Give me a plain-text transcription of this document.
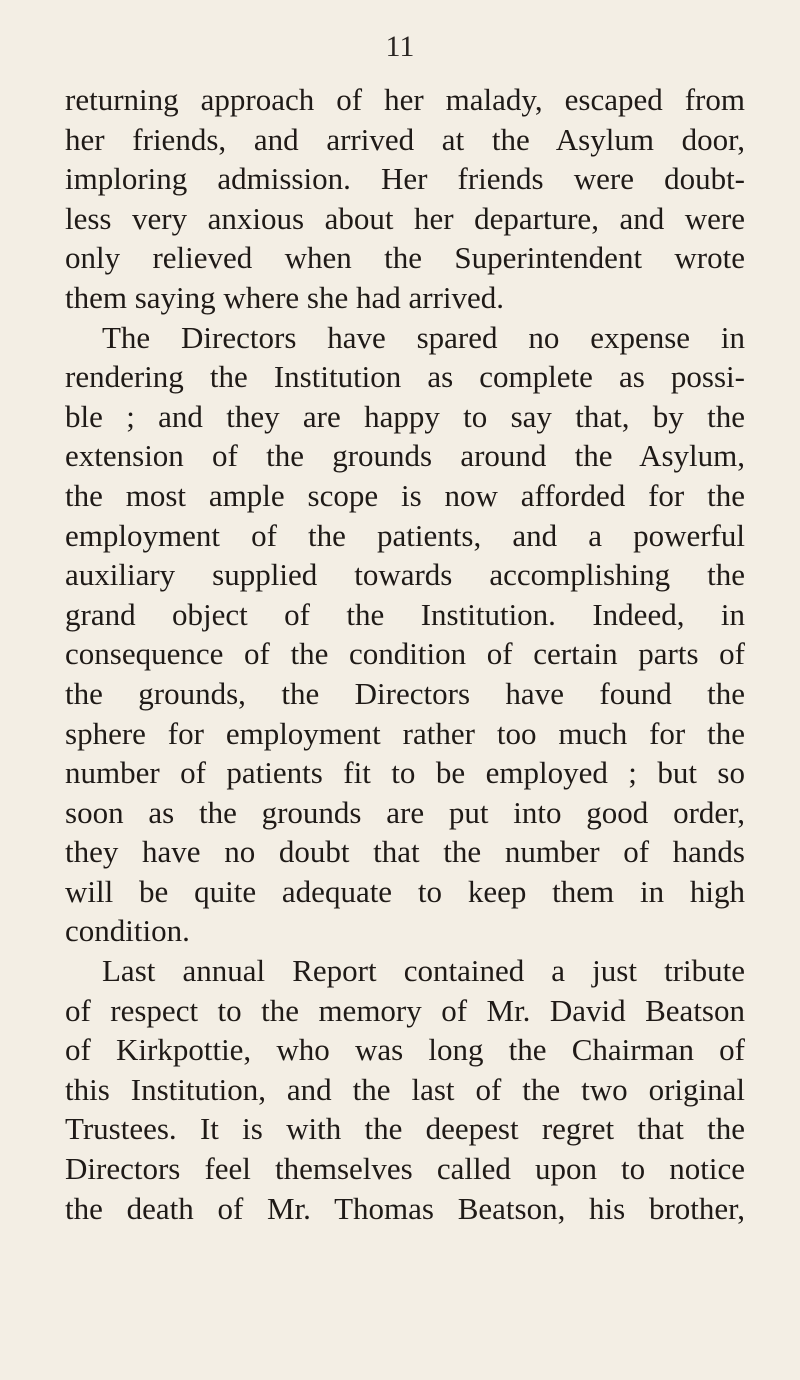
11
returning approach of her malady, escaped from
her friends, and arrived at the Asylum door,
imploring admission. Her friends were doubt-
less very anxious about her departure, and were
only relieved when the Superintendent wrote
them saying where she had arrived.
The Directors have spared no expense in
rendering the Institution as complete as possi-
ble ; and they are happy to say that, by the
extension of the grounds around the Asylum,
the most ample scope is now afforded for the
employment of the patients, and a powerful
auxiliary supplied towards accomplishing the
grand object of the Institution. Indeed, in
consequence of the condition of certain parts of
the grounds, the Directors have found the
sphere for employment rather too much for the
number of patients fit to be employed ; but so
soon as the grounds are put into good order,
they have no doubt that the number of hands
will be quite adequate to keep them in high
condition.
Last annual Report contained a just tribute
of respect to the memory of Mr. David Beatson
of Kirkpottie, who was long the Chairman of
this Institution, and the last of the two original
Trustees. It is with the deepest regret that the
Directors feel themselves called upon to notice
the death of Mr. Thomas Beatson, his brother,
